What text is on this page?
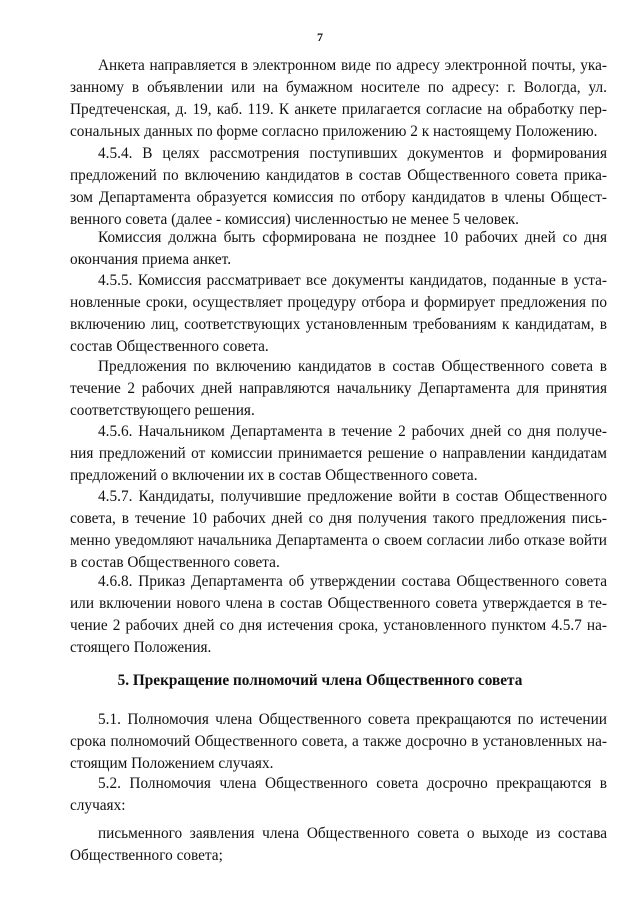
7
Анкета направляется в электронном виде по адресу электронной почты, ука-
занному в объявлении или на бумажном носителе по адресу: г. Вологда, ул.
Предтеченская, д. 19, каб. 119. К анкете прилагается согласие на обработку пер-
сональных данных по форме согласно приложению 2 к настоящему Положению.
4.5.4. В целях рассмотрения поступивших документов и формирования
предложений по включению кандидатов в состав Общественного совета прика-
зом Департамента образуется комиссия по отбору кандидатов в члены Общест-
венного совета (далее - комиссия) численностью не менее 5 человек.
Комиссия должна быть сформирована не позднее 10 рабочих дней со дня
окончания приема анкет.
4.5.5. Комиссия рассматривает все документы кандидатов, поданные в уста-
новленные сроки, осуществляет процедуру отбора и формирует предложения по
включению лиц, соответствующих установленным требованиям к кандидатам, в
состав Общественного совета.
Предложения по включению кандидатов в состав Общественного совета в
течение 2 рабочих дней направляются начальнику Департамента для принятия
соответствующего решения.
4.5.6. Начальником Департамента в течение 2 рабочих дней со дня получе-
ния предложений от комиссии принимается решение о направлении кандидатам
предложений о включении их в состав Общественного совета.
4.5.7. Кандидаты, получившие предложение войти в состав Общественного
совета, в течение 10 рабочих дней со дня получения такого предложения пись-
менно уведомляют начальника Департамента о своем согласии либо отказе войти
в состав Общественного совета.
4.6.8. Приказ Департамента об утверждении состава Общественного совета
или включении нового члена в состав Общественного совета утверждается в те-
чение 2 рабочих дней со дня истечения срока, установленного пунктом 4.5.7 на-
стоящего Положения.
5. Прекращение полномочий члена Общественного совета
5.1. Полномочия члена Общественного совета прекращаются по истечении
срока полномочий Общественного совета, а также досрочно в установленных на-
стоящим Положением случаях.
5.2. Полномочия члена Общественного совета досрочно прекращаются в
случаях:
письменного заявления члена Общественного совета о выходе из состава
Общественного совета;
